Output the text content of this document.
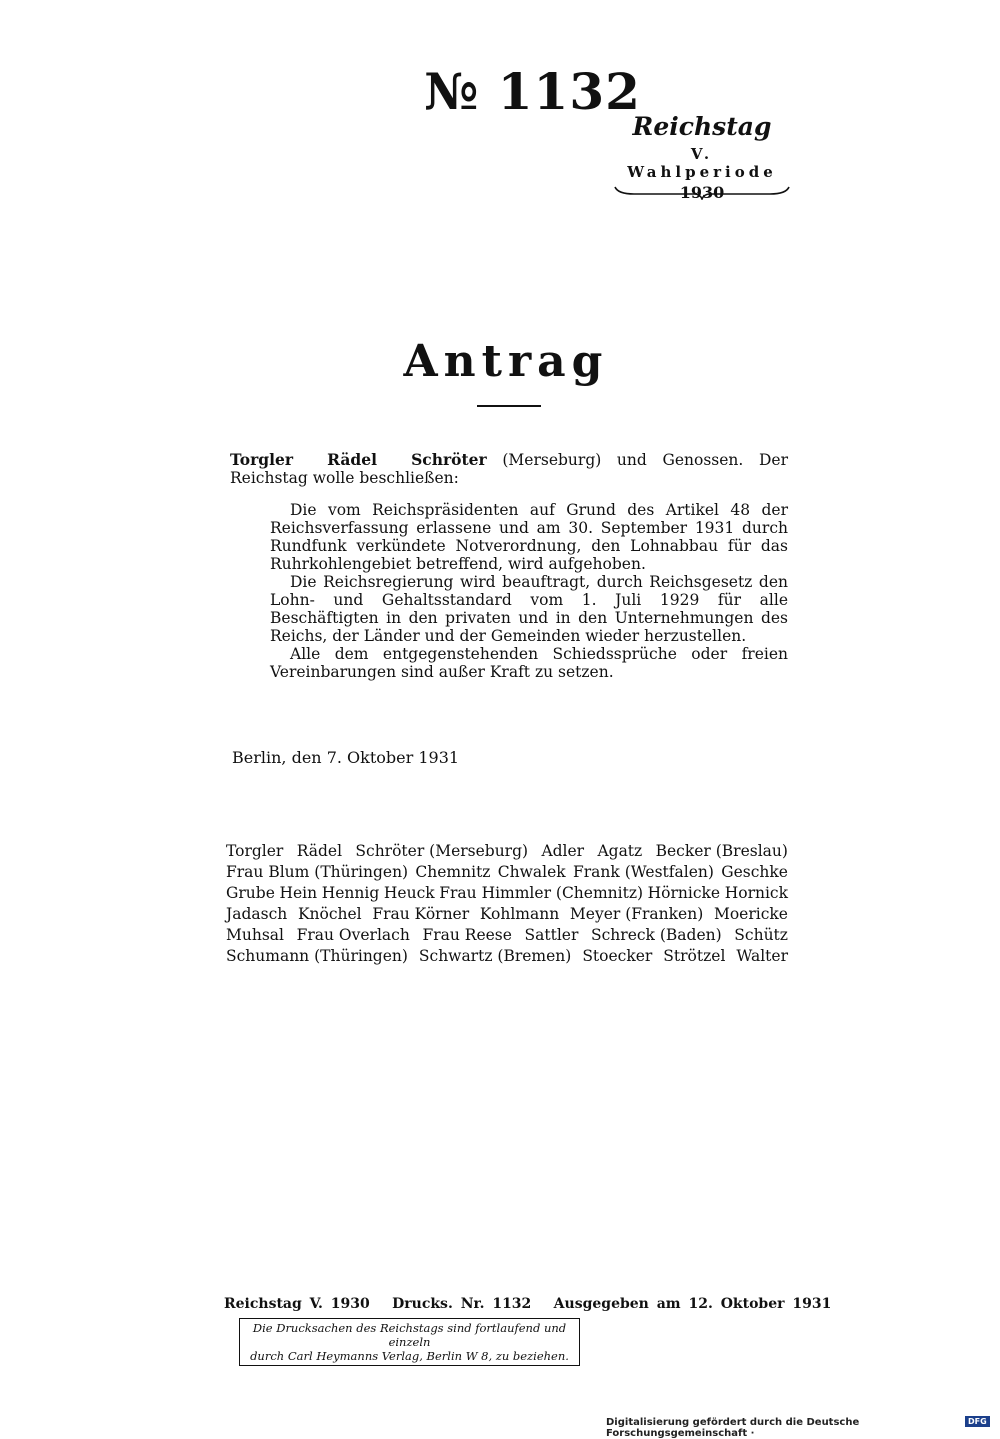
№ 1132
Reichstag
V. Wahlperiode
1930
Antrag
Torgler Rädel Schröter (Merseburg) und Genossen. Der Reichstag wolle beschließen:

Die vom Reichspräsidenten auf Grund des Artikel 48 der Reichsverfassung erlassene und am 30. September 1931 durch Rundfunk verkündete Notverordnung, den Lohnabbau für das Ruhrkohlengebiet betreffend, wird aufgehoben.

Die Reichsregierung wird beauftragt, durch Reichsgesetz den Lohn- und Gehaltsstandard vom 1. Juli 1929 für alle Beschäftigten in den privaten und in den Unternehmungen des Reichs, der Länder und der Gemeinden wieder herzustellen.

Alle dem entgegenstehenden Schiedssprüche oder freien Vereinbarungen sind außer Kraft zu setzen.

Berlin, den 7. Oktober 1931
Torgler Rädel Schröter (Merseburg) Adler Agatz Becker (Breslau)
Frau Blum (Thüringen) Chemnitz Chwalek Frank (Westfalen) Geschke
Grube Hein Hennig Heuck Frau Himmler (Chemnitz) Hörnicke Hornick
Jadasch Knöchel Frau Körner Kohlmann Meyer (Franken) Moericke
Muhsal Frau Overlach Frau Reese Sattler Schreck (Baden) Schütz
Schumann (Thüringen) Schwartz (Bremen) Stoecker Strötzel Walter
Reichstag V. 1930 Drucks. Nr. 1132 Ausgegeben am 12. Oktober 1931
Die Drucksachen des Reichstags sind fortlaufend und einzeln
durch Carl Heymanns Verlag, Berlin W 8, zu beziehen.
Digitalisierung gefördert durch die Deutsche Forschungsgemeinschaft ·
DFG
